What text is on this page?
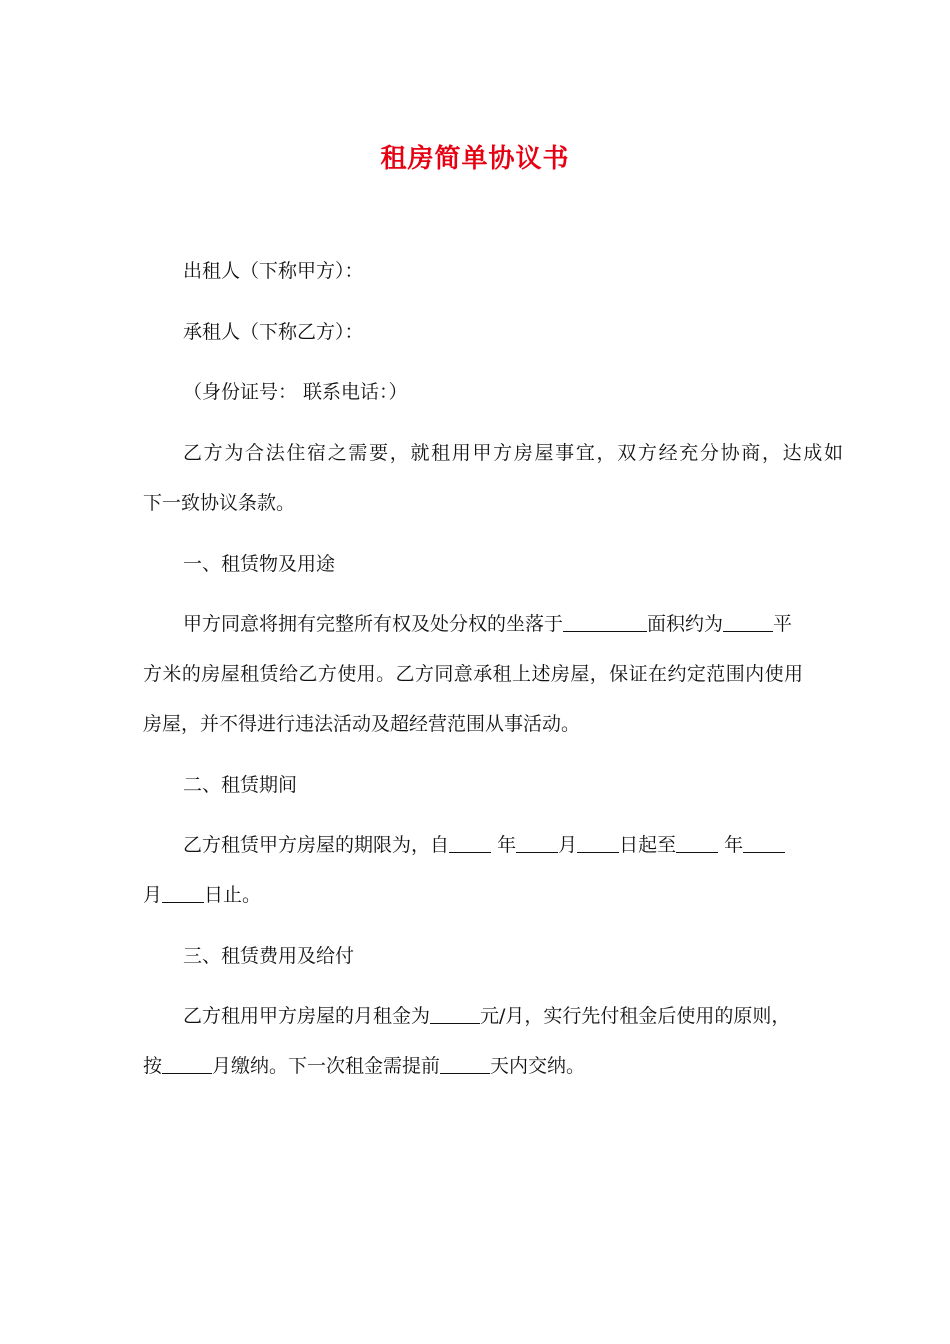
租房简单协议书
出租人（下称甲方）：
承租人（下称乙方）：
（身份证号： 联系电话：）
乙方为合法住宿之需要，就租用甲方房屋事宜，双方经充分协商，达成如
下一致协议条款。
一、租赁物及用途
甲方同意将拥有完整所有权及处分权的坐落于	面积约为	平
方米的房屋租赁给乙方使用。乙方同意承租上述房屋，保证在约定范围内使用
房屋，并不得进行违法活动及超经营范围从事活动。
二、租赁期间
乙方租赁甲方房屋的期限为，自	年 月 日起至	年
月 日止。
三、租赁费用及给付
乙方租用甲方房屋的月租金为	元/月，实行先付租金后使用的原则，
按	月缴纳。下一次租金需提前	天内交纳。
